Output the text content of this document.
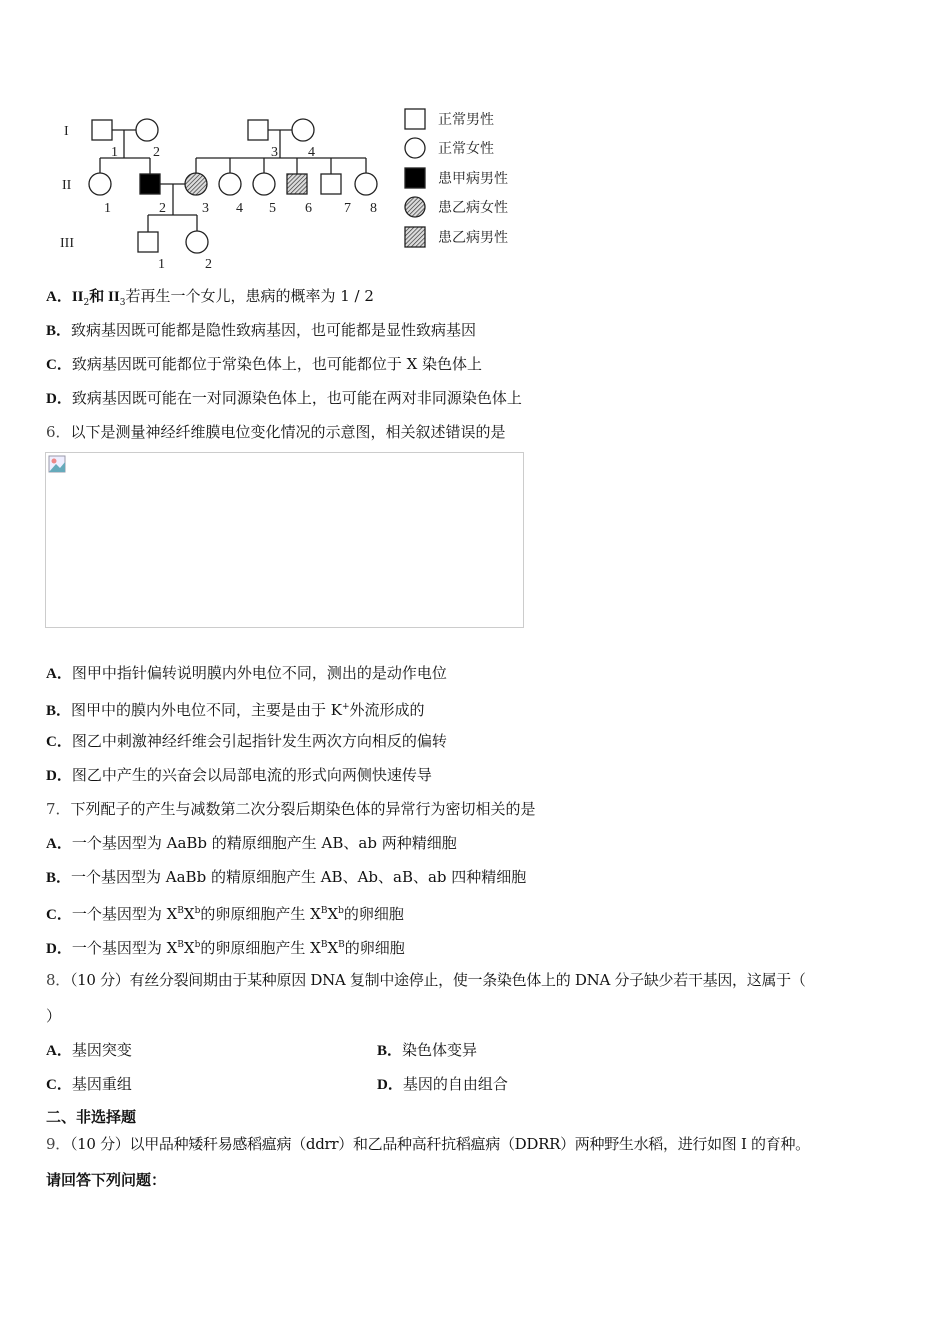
I
II
III
1	2	3 4
1	2	3 4 5 6 7 8
1	2
正常男性
正常女性
患甲病男性
患乙病女性
患乙病男性
A．$II_2$和 $II_3$若再生一个女儿，患病的概率为 1 / 2
B．致病基因既可能都是隐性致病基因，也可能都是显性致病基因
C．致病基因既可能都位于常染色体上，也可能都位于 X 染色体上
D．致病基因既可能在一对同源染色体上，也可能在两对非同源染色体上
6．以下是测量神经纤维膜电位变化情况的示意图，相关叙述错误的是
A．图甲中指针偏转说明膜内外电位不同，测出的是动作电位
B．图甲中的膜内外电位不同，主要是由于 K+外流形成的
C．图乙中刺激神经纤维会引起指针发生两次方向相反的偏转
D．图乙中产生的兴奋会以局部电流的形式向两侧快速传导
7．下列配子的产生与减数第二次分裂后期染色体的异常行为密切相关的是
A．一个基因型为 AaBb 的精原细胞产生 AB、ab 两种精细胞
B．一个基因型为 AaBb 的精原细胞产生 AB、Ab、aB、ab 四种精细胞
C．一个基因型为 $X^BX^b$的卵原细胞产生 $X^BX^b$的卵细胞
D．一个基因型为 $X^BX^b$的卵原细胞产生 $X^BX^B$的卵细胞
8．（10 分）有丝分裂间期由于某种原因 DNA 复制中途停止，使一条染色体上的 DNA 分子缺少若干基因，这属于（
）
A．基因突变	B．染色体变异
C．基因重组	D．基因的自由组合
二、非选择题
9．（10 分）以甲品种矮秆易感稻瘟病（ddrr）和乙品种高秆抗稻瘟病（DDRR）两种野生水稻，进行如图 I 的育种。
请回答下列问题：
